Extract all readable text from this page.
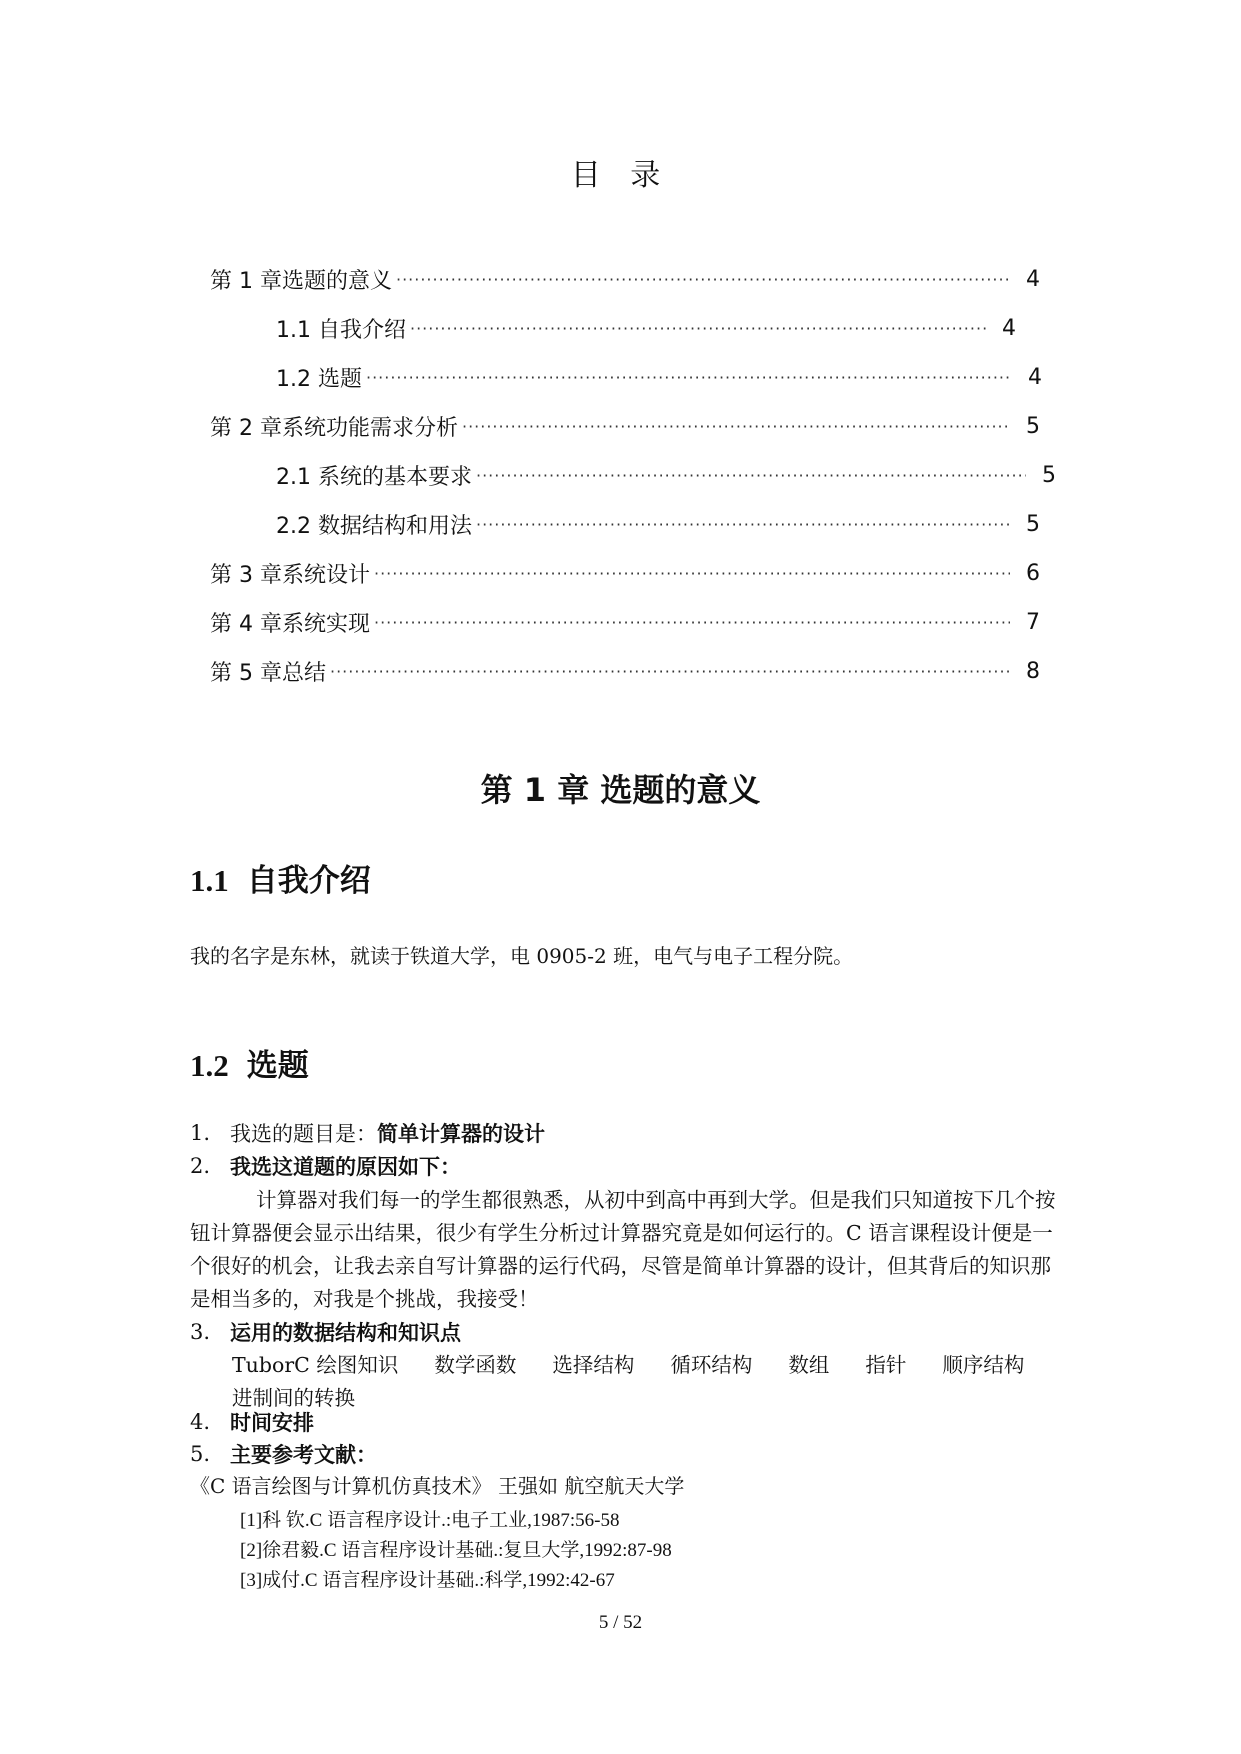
目 录
第 1 章选题的意义 ·····	4
1.1 自我介绍 ·····	4
1.2 选题 ·····	4
第 2 章系统功能需求分析 ·····	5
2.1 系统的基本要求 ·····	5
2.2 数据结构和用法 ·····	5
第 3 章系统设计 ·····	6
第 4 章系统实现 ·····	7
第 5 章总结 ·····	8
第 1 章 选题的意义
1.1 自我介绍
我的名字是东林，就读于铁道大学，电 0905-2 班，电气与电子工程分院。
1.2 选题
1. 我选的题目是： 简单计算器的设计
2. 我选这道题的原因如下：
计算器对我们每一的学生都很熟悉，从初中到高中再到大学。但是我们只知道按下几个按钮计算器便会显示出结果，很少有学生分析过计算器究竟是如何运行的。C 语言课程设计便是一个很好的机会，让我去亲自写计算器的运行代码，尽管是简单计算器的设计，但其背后的知识那是相当多的，对我是个挑战，我接受！
3. 运用的数据结构和知识点
TuborC 绘图知识 数学函数 选择结构 循环结构 数组 指针 顺序结构进制间的转换
4. 时间安排
5. 主要参考文献：
《C 语言绘图与计算机仿真技术》 王强如 航空航天大学
[1]科 钦.C 语言程序设计.:电子工业,1987:56-58
[2]徐君毅.C 语言程序设计基础.:复旦大学,1992:87-98
[3]成付.C 语言程序设计基础.:科学,1992:42-67
5 / 52
